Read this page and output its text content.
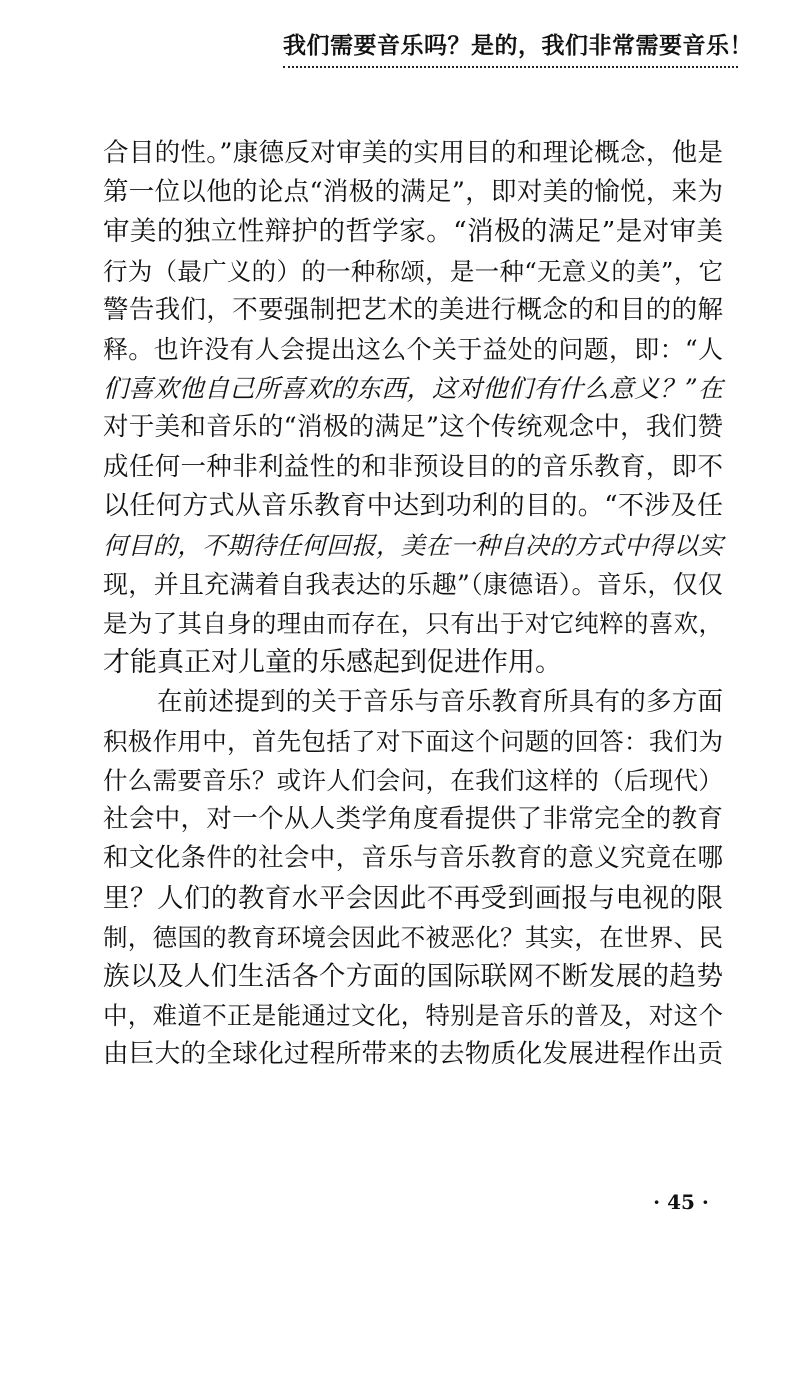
我们需要音乐吗？是的，我们非常需要音乐！
合目的性。”康德反对审美的实用目的和理论概念，他是
第一位以他的论点“消极的满足”，即对美的愉悦，来为
审美的独立性辩护的哲学家。“消极的满足”是对审美
行为（最广义的）的一种称颂，是一种“无意义的美”，它
警告我们，不要强制把艺术的美进行概念的和目的的解
释。也许没有人会提出这么个关于益处的问题，即：“人
们喜欢他自己所喜欢的东西，这对他们有什么意义？”在
对于美和音乐的“消极的满足”这个传统观念中，我们赞
成任何一种非利益性的和非预设目的的音乐教育，即不
以任何方式从音乐教育中达到功利的目的。“不涉及任
何目的，不期待任何回报，美在一种自决的方式中得以实
现，并且充满着自我表达的乐趣”（康德语）。音乐，仅仅
是为了其自身的理由而存在，只有出于对它纯粹的喜欢，
才能真正对儿童的乐感起到促进作用。
在前述提到的关于音乐与音乐教育所具有的多方面
积极作用中，首先包括了对下面这个问题的回答：我们为
什么需要音乐？或许人们会问，在我们这样的（后现代）
社会中，对一个从人类学角度看提供了非常完全的教育
和文化条件的社会中，音乐与音乐教育的意义究竟在哪
里？人们的教育水平会因此不再受到画报与电视的限
制，德国的教育环境会因此不被恶化？其实，在世界、民
族以及人们生活各个方面的国际联网不断发展的趋势
中，难道不正是能通过文化，特别是音乐的普及，对这个
由巨大的全球化过程所带来的去物质化发展进程作出贡
· 45 ·
